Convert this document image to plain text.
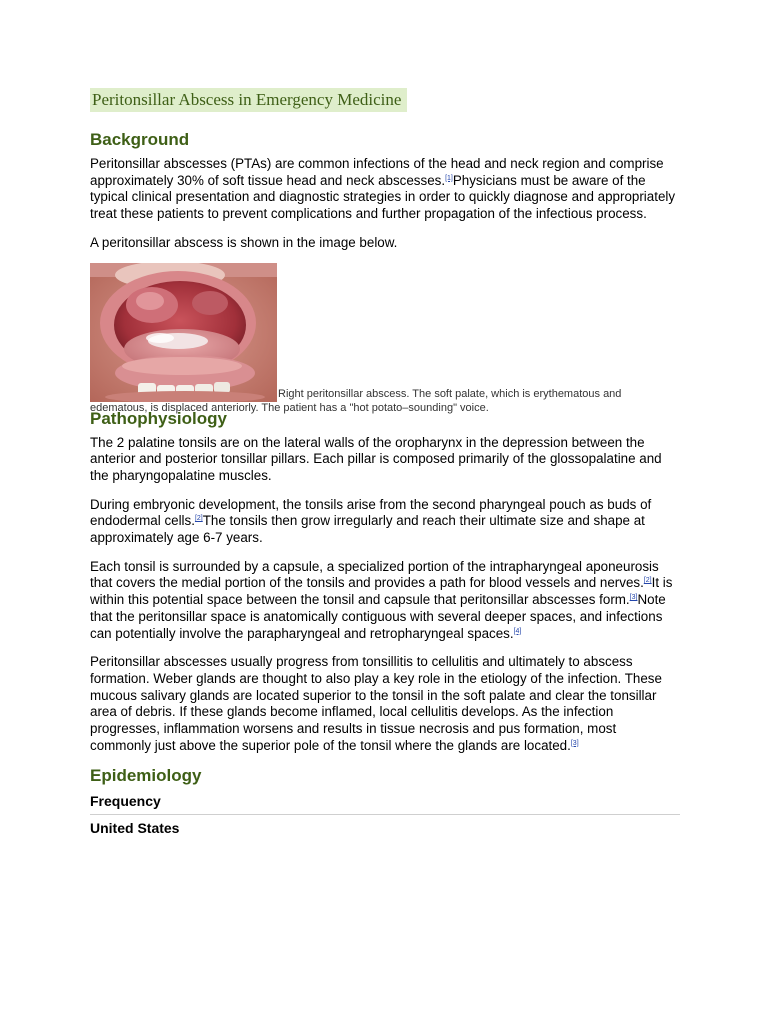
Peritonsillar Abscess in Emergency Medicine
Background

Peritonsillar abscesses (PTAs) are common infections of the head and neck region and comprise approximately 30% of soft tissue head and neck abscesses.[1]Physicians must be aware of the typical clinical presentation and diagnostic strategies in order to quickly diagnose and appropriately treat these patients to prevent complications and further propagation of the infectious process.

A peritonsillar abscess is shown in the image below.

Right peritonsillar abscess. The soft palate, which is erythematous and
edematous, is displaced anteriorly. The patient has a "hot potato–sounding" voice.
Pathophysiology

The 2 palatine tonsils are on the lateral walls of the oropharynx in the depression between the anterior and posterior tonsillar pillars. Each pillar is composed primarily of the glossopalatine and the pharyngopalatine muscles.

During embryonic development, the tonsils arise from the second pharyngeal pouch as buds of endodermal cells.[2]The tonsils then grow irregularly and reach their ultimate size and shape at approximately age 6-7 years.

Each tonsil is surrounded by a capsule, a specialized portion of the intrapharyngeal aponeurosis that covers the medial portion of the tonsils and provides a path for blood vessels and nerves.[2]It is within this potential space between the tonsil and capsule that peritonsillar abscesses form.[3]Note that the peritonsillar space is anatomically contiguous with several deeper spaces, and infections can potentially involve the parapharyngeal and retropharyngeal spaces.[4]

Peritonsillar abscesses usually progress from tonsillitis to cellulitis and ultimately to abscess formation. Weber glands are thought to also play a key role in the etiology of the infection. These mucous salivary glands are located superior to the tonsil in the soft palate and clear the tonsillar area of debris. If these glands become inflamed, local cellulitis develops. As the infection progresses, inflammation worsens and results in tissue necrosis and pus formation, most commonly just above the superior pole of the tonsil where the glands are located.[3]

Epidemiology
Frequency
United States
